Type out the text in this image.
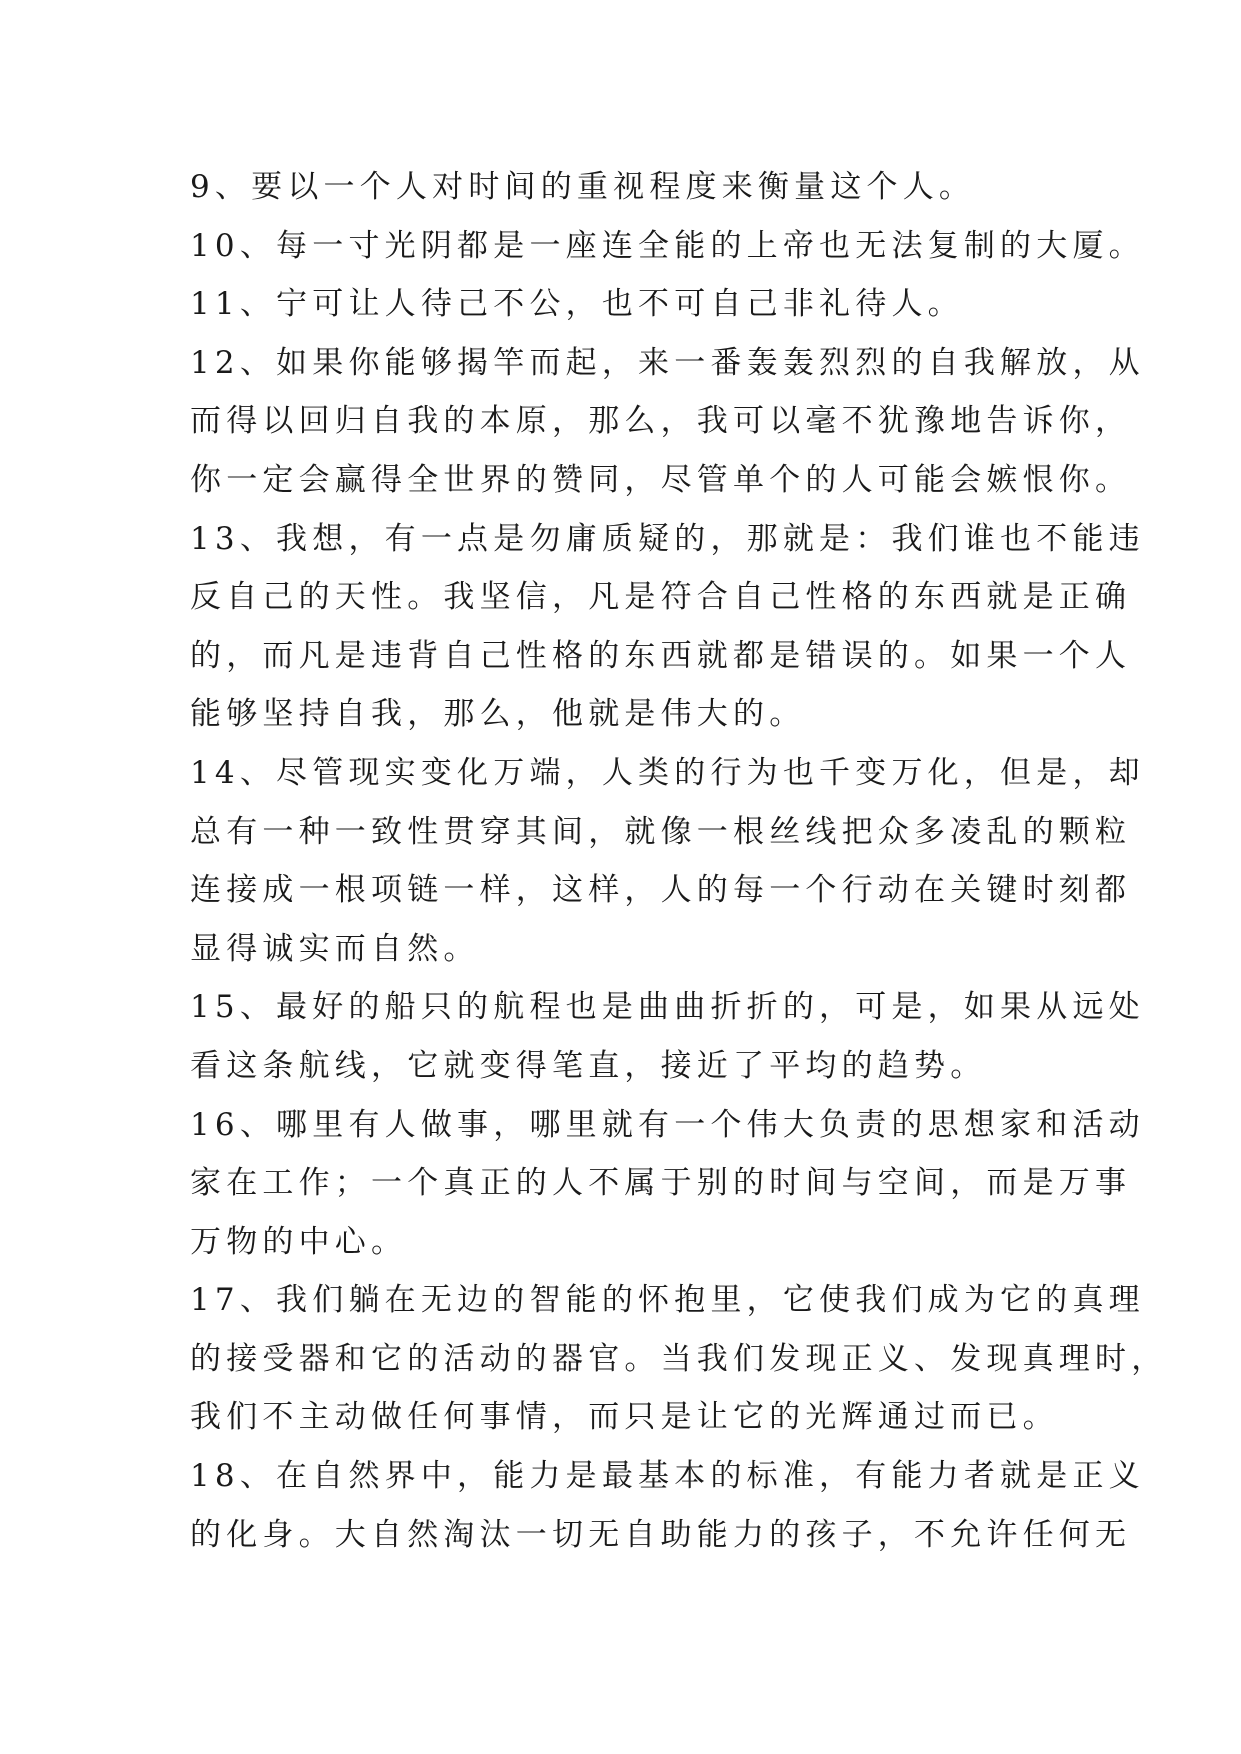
9、要以一个人对时间的重视程度来衡量这个人。
10、每一寸光阴都是一座连全能的上帝也无法复制的大厦。
11、宁可让人待己不公，也不可自己非礼待人。
12、如果你能够揭竿而起，来一番轰轰烈烈的自我解放，从
而得以回归自我的本原，那么，我可以毫不犹豫地告诉你，
你一定会赢得全世界的赞同，尽管单个的人可能会嫉恨你。
13、我想，有一点是勿庸质疑的，那就是：我们谁也不能违
反自己的天性。我坚信，凡是符合自己性格的东西就是正确
的，而凡是违背自己性格的东西就都是错误的。如果一个人
能够坚持自我，那么，他就是伟大的。
14、尽管现实变化万端，人类的行为也千变万化，但是，却
总有一种一致性贯穿其间，就像一根丝线把众多凌乱的颗粒
连接成一根项链一样，这样，人的每一个行动在关键时刻都
显得诚实而自然。
15、最好的船只的航程也是曲曲折折的，可是，如果从远处
看这条航线，它就变得笔直，接近了平均的趋势。
16、哪里有人做事，哪里就有一个伟大负责的思想家和活动
家在工作；一个真正的人不属于别的时间与空间，而是万事
万物的中心。
17、我们躺在无边的智能的怀抱里，它使我们成为它的真理
的接受器和它的活动的器官。当我们发现正义、发现真理时，
我们不主动做任何事情，而只是让它的光辉通过而已。
18、在自然界中，能力是最基本的标准，有能力者就是正义
的化身。大自然淘汰一切无自助能力的孩子，不允许任何无
